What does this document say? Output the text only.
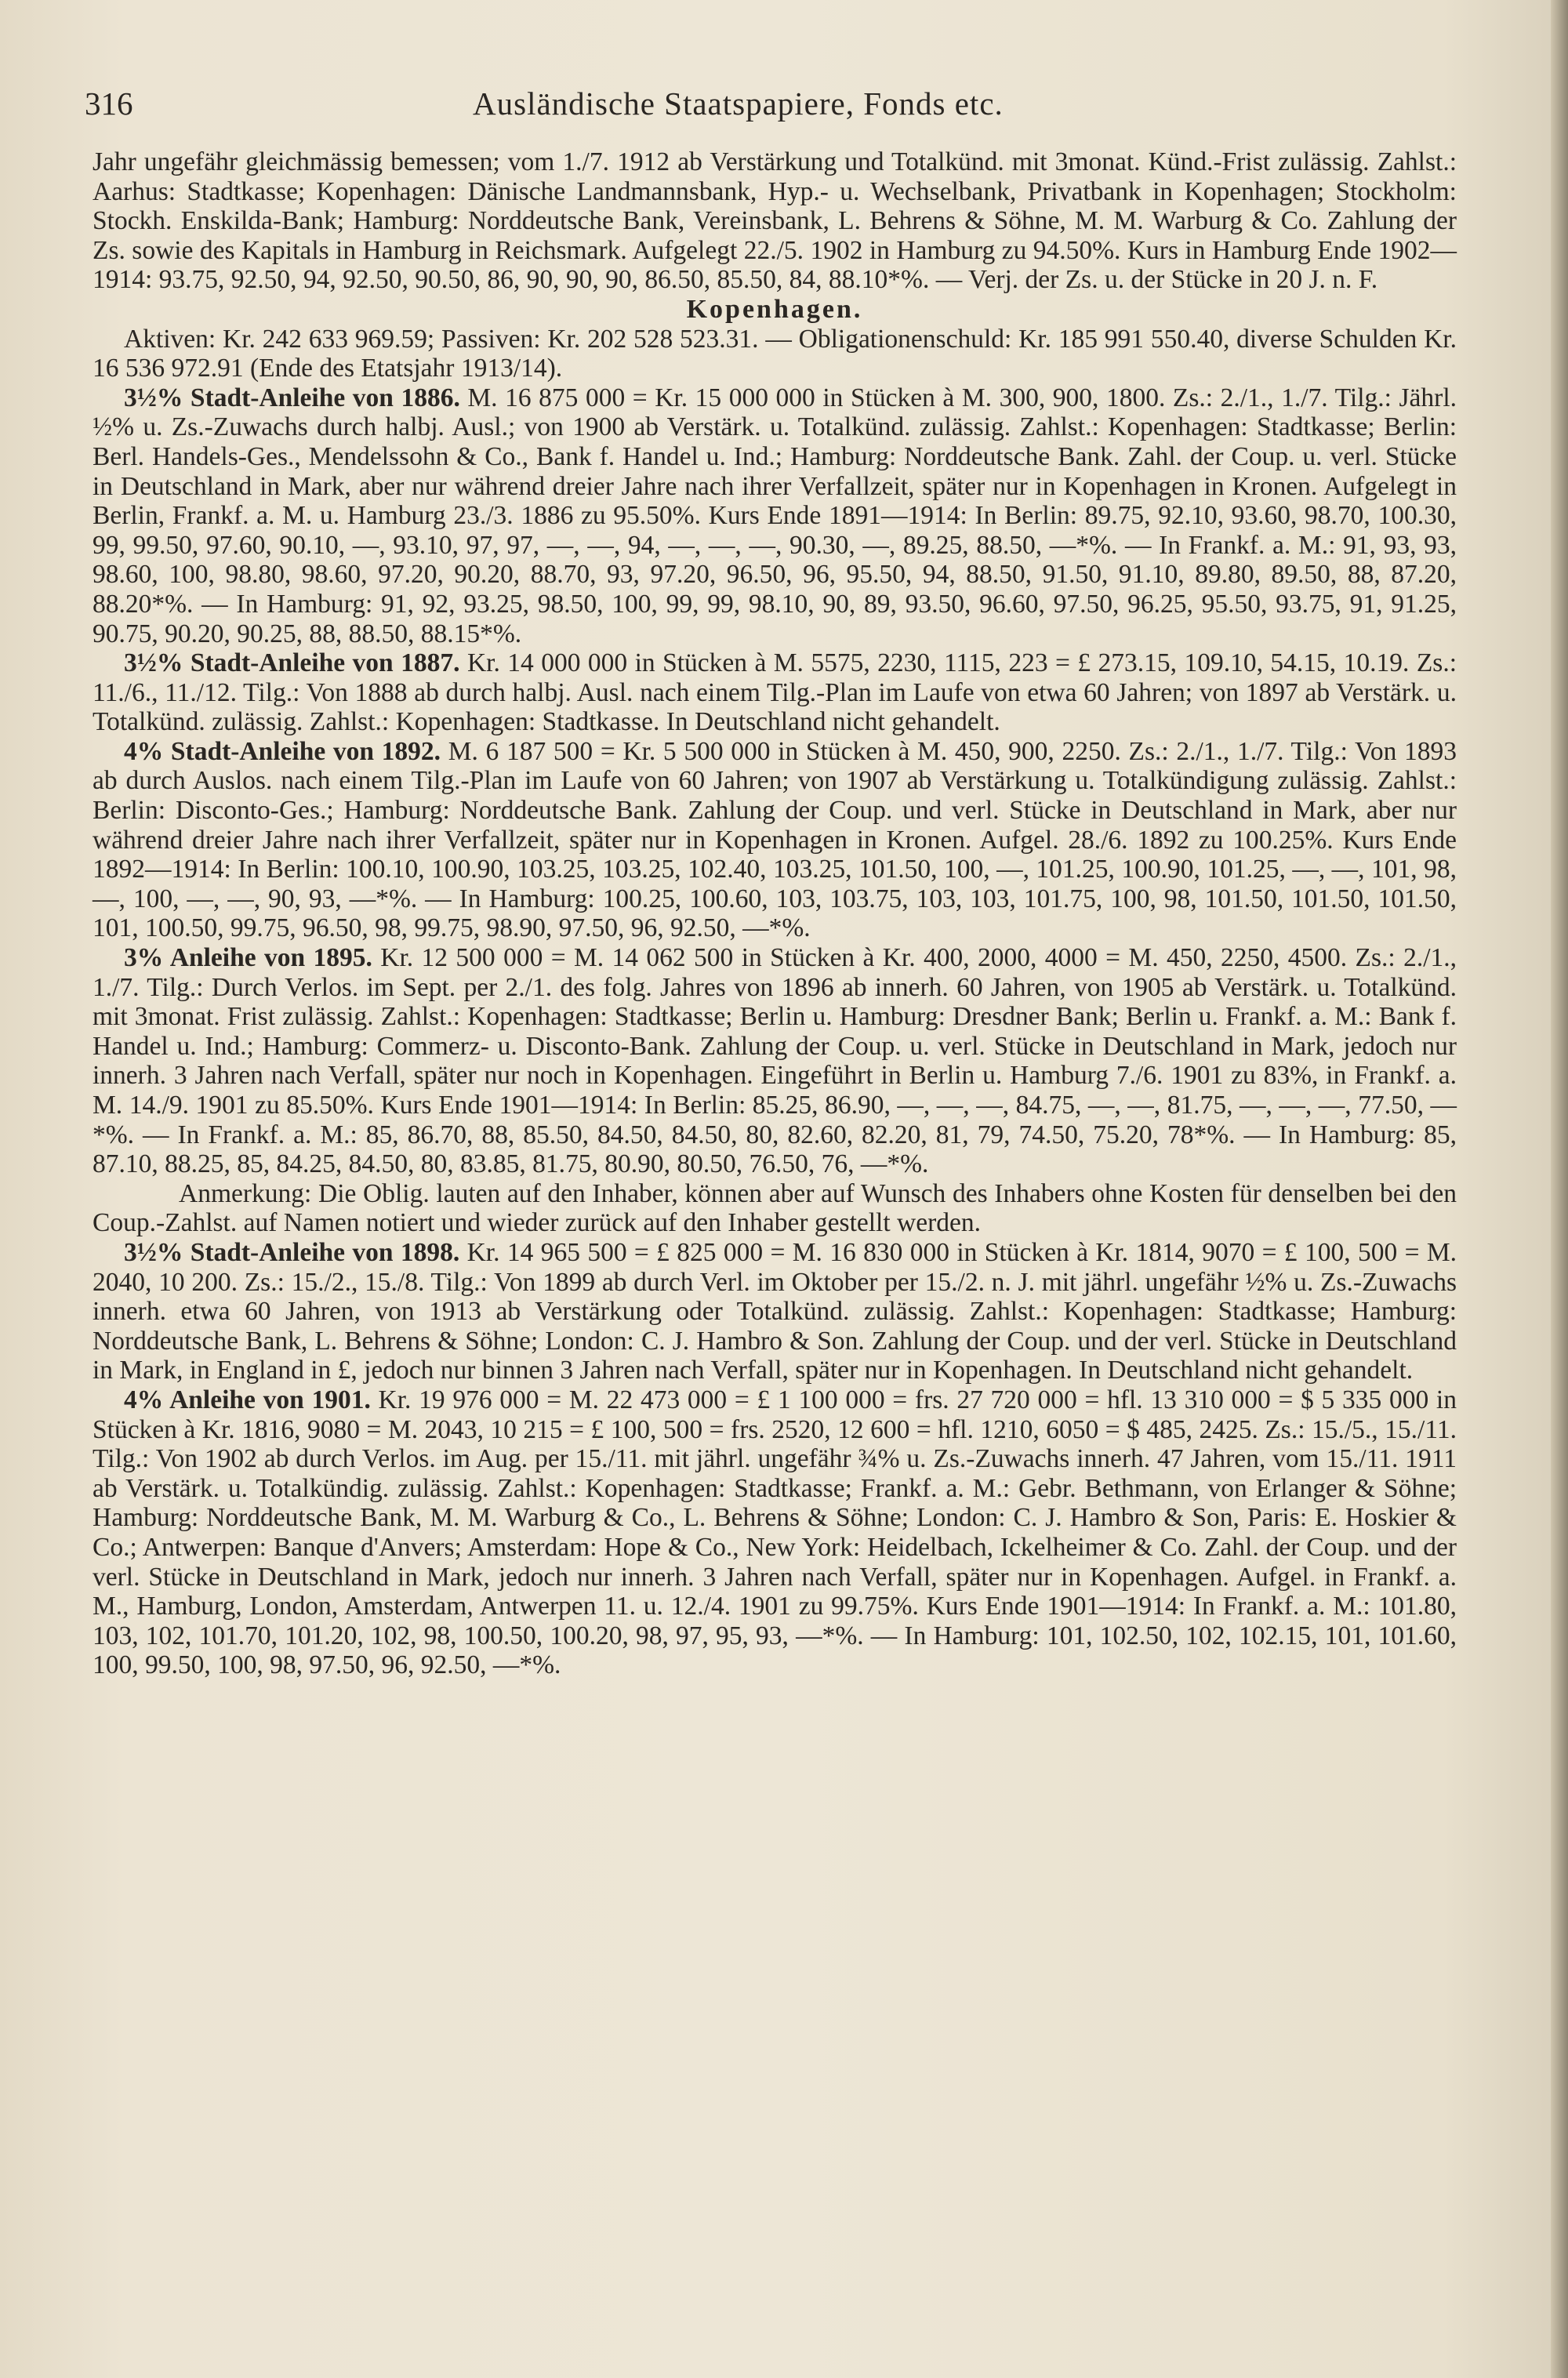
316	Ausländische Staatspapiere, Fonds etc.

Jahr ungefähr gleichmässig bemessen; vom 1./7. 1912 ab Verstärkung und Totalkünd. mit 3monat. Künd.-Frist zulässig. Zahlst.: Aarhus: Stadtkasse; Kopenhagen: Dänische Landmannsbank, Hyp.- u. Wechselbank, Privatbank in Kopenhagen; Stockholm: Stockh. Enskilda-Bank; Hamburg: Norddeutsche Bank, Vereinsbank, L. Behrens & Söhne, M. M. Warburg & Co. Zahlung der Zs. sowie des Kapitals in Hamburg in Reichsmark. Aufgelegt 22./5. 1902 in Hamburg zu 94.50%. Kurs in Hamburg Ende 1902—1914: 93.75, 92.50, 94, 92.50, 90.50, 86, 90, 90, 90, 86.50, 85.50, 84, 88.10*%. — Verj. der Zs. u. der Stücke in 20 J. n. F.

Kopenhagen.

Aktiven: Kr. 242 633 969.59; Passiven: Kr. 202 528 523.31. — Obligationenschuld: Kr. 185 991 550.40, diverse Schulden Kr. 16 536 972.91 (Ende des Etatsjahr 1913/14).

3½% Stadt-Anleihe von 1886. M. 16 875 000 = Kr. 15 000 000 in Stücken à M. 300, 900, 1800. Zs.: 2./1., 1./7. Tilg.: Jährl. ½% u. Zs.-Zuwachs durch halbj. Ausl.; von 1900 ab Verstärk. u. Totalkünd. zulässig. Zahlst.: Kopenhagen: Stadtkasse; Berlin: Berl. Handels-Ges., Mendelssohn & Co., Bank f. Handel u. Ind.; Hamburg: Norddeutsche Bank. Zahl. der Coup. u. verl. Stücke in Deutschland in Mark, aber nur während dreier Jahre nach ihrer Verfallzeit, später nur in Kopenhagen in Kronen. Aufgelegt in Berlin, Frankf. a. M. u. Hamburg 23./3. 1886 zu 95.50%. Kurs Ende 1891—1914: In Berlin: 89.75, 92.10, 93.60, 98.70, 100.30, 99, 99.50, 97.60, 90.10, —, 93.10, 97, 97, —, —, 94, —, —, —, 90.30, —, 89.25, 88.50, —*%. — In Frankf. a. M.: 91, 93, 93, 98.60, 100, 98.80, 98.60, 97.20, 90.20, 88.70, 93, 97.20, 96.50, 96, 95.50, 94, 88.50, 91.50, 91.10, 89.80, 89.50, 88, 87.20, 88.20*%. — In Hamburg: 91, 92, 93.25, 98.50, 100, 99, 99, 98.10, 90, 89, 93.50, 96.60, 97.50, 96.25, 95.50, 93.75, 91, 91.25, 90.75, 90.20, 90.25, 88, 88.50, 88.15*%.

3½% Stadt-Anleihe von 1887. Kr. 14 000 000 in Stücken à M. 5575, 2230, 1115, 223 = £ 273.15, 109.10, 54.15, 10.19. Zs.: 11./6., 11./12. Tilg.: Von 1888 ab durch halbj. Ausl. nach einem Tilg.-Plan im Laufe von etwa 60 Jahren; von 1897 ab Verstärk. u. Totalkünd. zulässig. Zahlst.: Kopenhagen: Stadtkasse. In Deutschland nicht gehandelt.

4% Stadt-Anleihe von 1892. M. 6 187 500 = Kr. 5 500 000 in Stücken à M. 450, 900, 2250. Zs.: 2./1., 1./7. Tilg.: Von 1893 ab durch Auslos. nach einem Tilg.-Plan im Laufe von 60 Jahren; von 1907 ab Verstärkung u. Totalkündigung zulässig. Zahlst.: Berlin: Disconto-Ges.; Hamburg: Norddeutsche Bank. Zahlung der Coup. und verl. Stücke in Deutschland in Mark, aber nur während dreier Jahre nach ihrer Verfallzeit, später nur in Kopenhagen in Kronen. Aufgel. 28./6. 1892 zu 100.25%. Kurs Ende 1892—1914: In Berlin: 100.10, 100.90, 103.25, 103.25, 102.40, 103.25, 101.50, 100, —, 101.25, 100.90, 101.25, —, —, 101, 98, —, 100, —, —, 90, 93, —*%. — In Hamburg: 100.25, 100.60, 103, 103.75, 103, 103, 101.75, 100, 98, 101.50, 101.50, 101.50, 101, 100.50, 99.75, 96.50, 98, 99.75, 98.90, 97.50, 96, 92.50, —*%.

3% Anleihe von 1895. Kr. 12 500 000 = M. 14 062 500 in Stücken à Kr. 400, 2000, 4000 = M. 450, 2250, 4500. Zs.: 2./1., 1./7. Tilg.: Durch Verlos. im Sept. per 2./1. des folg. Jahres von 1896 ab innerh. 60 Jahren, von 1905 ab Verstärk. u. Totalkünd. mit 3monat. Frist zulässig. Zahlst.: Kopenhagen: Stadtkasse; Berlin u. Hamburg: Dresdner Bank; Berlin u. Frankf. a. M.: Bank f. Handel u. Ind.; Hamburg: Commerz- u. Disconto-Bank. Zahlung der Coup. u. verl. Stücke in Deutschland in Mark, jedoch nur innerh. 3 Jahren nach Verfall, später nur noch in Kopenhagen. Eingeführt in Berlin u. Hamburg 7./6. 1901 zu 83%, in Frankf. a. M. 14./9. 1901 zu 85.50%. Kurs Ende 1901—1914: In Berlin: 85.25, 86.90, —, —, —, 84.75, —, —, 81.75, —, —, —, 77.50, —*%. — In Frankf. a. M.: 85, 86.70, 88, 85.50, 84.50, 84.50, 80, 82.60, 82.20, 81, 79, 74.50, 75.20, 78*%. — In Hamburg: 85, 87.10, 88.25, 85, 84.25, 84.50, 80, 83.85, 81.75, 80.90, 80.50, 76.50, 76, —*%.

Anmerkung: Die Oblig. lauten auf den Inhaber, können aber auf Wunsch des Inhabers ohne Kosten für denselben bei den Coup.-Zahlst. auf Namen notiert und wieder zurück auf den Inhaber gestellt werden.

3½% Stadt-Anleihe von 1898. Kr. 14 965 500 = £ 825 000 = M. 16 830 000 in Stücken à Kr. 1814, 9070 = £ 100, 500 = M. 2040, 10 200. Zs.: 15./2., 15./8. Tilg.: Von 1899 ab durch Verl. im Oktober per 15./2. n. J. mit jährl. ungefähr ½% u. Zs.-Zuwachs innerh. etwa 60 Jahren, von 1913 ab Verstärkung oder Totalkünd. zulässig. Zahlst.: Kopenhagen: Stadtkasse; Hamburg: Norddeutsche Bank, L. Behrens & Söhne; London: C. J. Hambro & Son. Zahlung der Coup. und der verl. Stücke in Deutschland in Mark, in England in £, jedoch nur binnen 3 Jahren nach Verfall, später nur in Kopenhagen. In Deutschland nicht gehandelt.

4% Anleihe von 1901. Kr. 19 976 000 = M. 22 473 000 = £ 1 100 000 = frs. 27 720 000 = hfl. 13 310 000 = $ 5 335 000 in Stücken à Kr. 1816, 9080 = M. 2043, 10 215 = £ 100, 500 = frs. 2520, 12 600 = hfl. 1210, 6050 = $ 485, 2425. Zs.: 15./5., 15./11. Tilg.: Von 1902 ab durch Verlos. im Aug. per 15./11. mit jährl. ungefähr ¾% u. Zs.-Zuwachs innerh. 47 Jahren, vom 15./11. 1911 ab Verstärk. u. Totalkündig. zulässig. Zahlst.: Kopenhagen: Stadtkasse; Frankf. a. M.: Gebr. Bethmann, von Erlanger & Söhne; Hamburg: Norddeutsche Bank, M. M. Warburg & Co., L. Behrens & Söhne; London: C. J. Hambro & Son, Paris: E. Hoskier & Co.; Antwerpen: Banque d'Anvers; Amsterdam: Hope & Co., New York: Heidelbach, Ickelheimer & Co. Zahl. der Coup. und der verl. Stücke in Deutschland in Mark, jedoch nur innerh. 3 Jahren nach Verfall, später nur in Kopenhagen. Aufgel. in Frankf. a. M., Hamburg, London, Amsterdam, Antwerpen 11. u. 12./4. 1901 zu 99.75%. Kurs Ende 1901—1914: In Frankf. a. M.: 101.80, 103, 102, 101.70, 101.20, 102, 98, 100.50, 100.20, 98, 97, 95, 93, —*%. — In Hamburg: 101, 102.50, 102, 102.15, 101, 101.60, 100, 99.50, 100, 98, 97.50, 96, 92.50, —*%.
